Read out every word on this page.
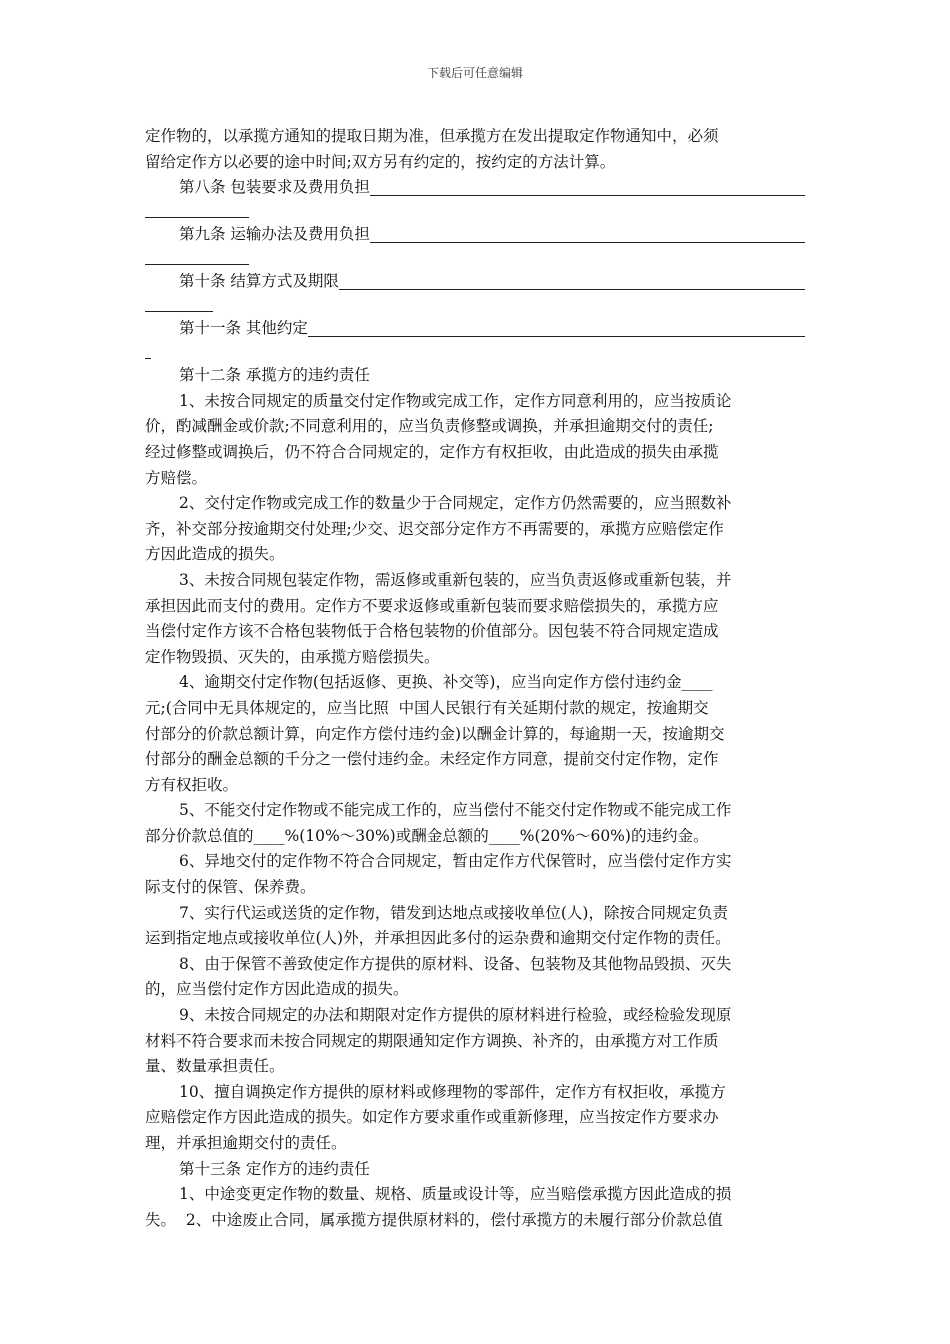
下载后可任意编辑
定作物的，以承揽方通知的提取日期为准，但承揽方在发出提取定作物通知中，必须
留给定作方以必要的途中时间;双方另有约定的，按约定的方法计算。
第八条 包装要求及费用负担
第九条 运输办法及费用负担
第十条 结算方式及期限
第十一条 其他约定
第十二条 承揽方的违约责任
1、未按合同规定的质量交付定作物或完成工作，定作方同意利用的，应当按质论
价，酌减酬金或价款;不同意利用的，应当负责修整或调换，并承担逾期交付的责任;
经过修整或调换后，仍不符合合同规定的，定作方有权拒收，由此造成的损失由承揽
方赔偿。
2、交付定作物或完成工作的数量少于合同规定，定作方仍然需要的，应当照数补
齐，补交部分按逾期交付处理;少交、迟交部分定作方不再需要的，承揽方应赔偿定作
方因此造成的损失。
3、未按合同规包装定作物，需返修或重新包装的，应当负责返修或重新包装，并
承担因此而支付的费用。定作方不要求返修或重新包装而要求赔偿损失的，承揽方应
当偿付定作方该不合格包装物低于合格包装物的价值部分。因包装不符合同规定造成
定作物毁损、灭失的，由承揽方赔偿损失。
4、逾期交付定作物(包括返修、更换、补交等)，应当向定作方偿付违约金____
元;(合同中无具体规定的，应当比照  中国人民银行有关延期付款的规定，按逾期交
付部分的价款总额计算，向定作方偿付违约金)以酬金计算的，每逾期一天，按逾期交
付部分的酬金总额的千分之一偿付违约金。未经定作方同意，提前交付定作物，定作
方有权拒收。
5、不能交付定作物或不能完成工作的，应当偿付不能交付定作物或不能完成工作
部分价款总值的____%(10%～30%)或酬金总额的____%(20%～60%)的违约金。
6、异地交付的定作物不符合合同规定，暂由定作方代保管时，应当偿付定作方实
际支付的保管、保养费。
7、实行代运或送货的定作物，错发到达地点或接收单位(人)，除按合同规定负责
运到指定地点或接收单位(人)外，并承担因此多付的运杂费和逾期交付定作物的责任。
8、由于保管不善致使定作方提供的原材料、设备、包装物及其他物品毁损、灭失
的，应当偿付定作方因此造成的损失。
9、未按合同规定的办法和期限对定作方提供的原材料进行检验，或经检验发现原
材料不符合要求而未按合同规定的期限通知定作方调换、补齐的，由承揽方对工作质
量、数量承担责任。
10、擅自调换定作方提供的原材料或修理物的零部件，定作方有权拒收，承揽方
应赔偿定作方因此造成的损失。如定作方要求重作或重新修理，应当按定作方要求办
理，并承担逾期交付的责任。
第十三条 定作方的违约责任
1、中途变更定作物的数量、规格、质量或设计等，应当赔偿承揽方因此造成的损
失。  2、中途废止合同，属承揽方提供原材料的，偿付承揽方的未履行部分价款总值
